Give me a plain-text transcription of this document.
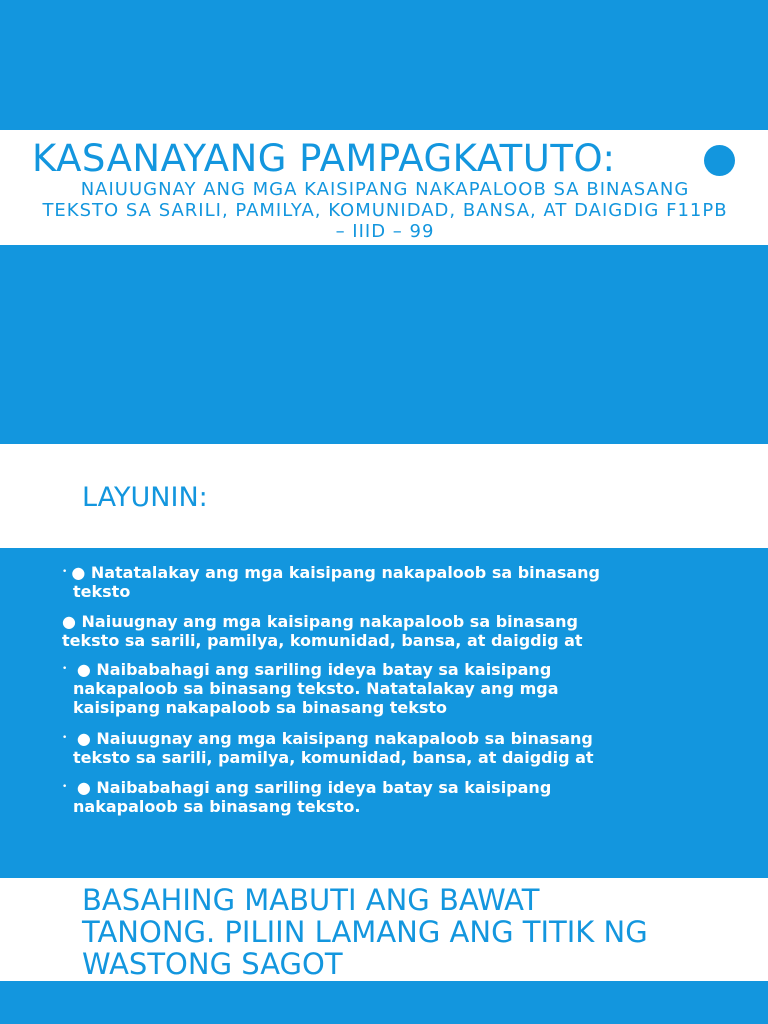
KASANAYANG PAMPAGKATUTO:
NAIUUGNAY ANG MGA KAISIPANG NAKAPALOOB SA BINASANG TEKSTO SA SARILI, PAMILYA, KOMUNIDAD, BANSA, AT DAIGDIG F11PB – IIID – 99
LAYUNIN:
• ● Natatalakay ang mga kaisipang nakapaloob sa binasang
teksto
● Naiuugnay ang mga kaisipang nakapaloob sa binasang
teksto sa sarili, pamilya, komunidad, bansa, at daigdig at
• ● Naibabahagi ang sariling ideya batay sa kaisipang
nakapaloob sa binasang teksto. Natatalakay ang mga
kaisipang nakapaloob sa binasang teksto
• ● Naiuugnay ang mga kaisipang nakapaloob sa binasang
teksto sa sarili, pamilya, komunidad, bansa, at daigdig at
• ● Naibabahagi ang sariling ideya batay sa kaisipang
nakapaloob sa binasang teksto.
BASAHING MABUTI ANG BAWAT
TANONG. PILIIN LAMANG ANG TITIK NG
WASTONG SAGOT
